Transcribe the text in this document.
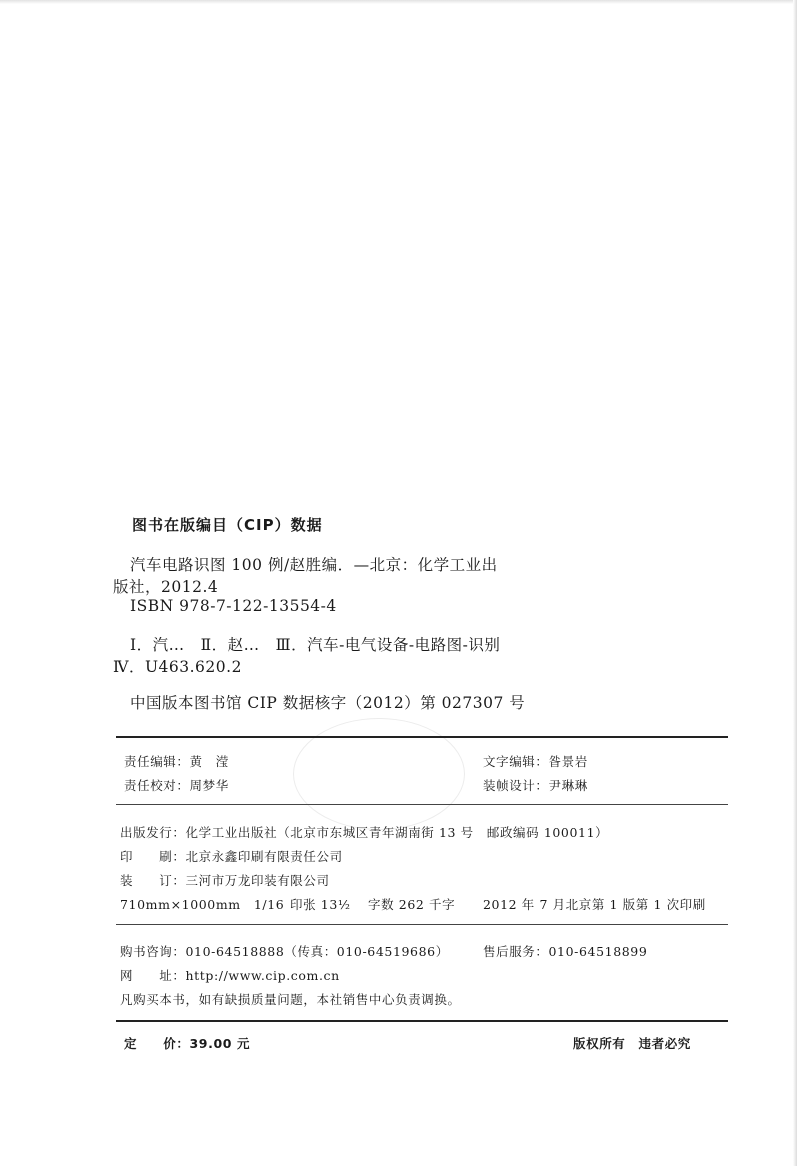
图书在版编目（CIP）数据
汽车电路识图 100 例/赵胜编．—北京：化学工业出
版社，2012.4
ISBN 978-7-122-13554-4
Ⅰ．汽…　Ⅱ．赵…　Ⅲ．汽车-电气设备-电路图-识别
Ⅳ．U463.620.2
中国版本图书馆 CIP 数据核字（2012）第 027307 号
责任编辑：黄　滢	文字编辑：昝景岩
责任校对：周梦华	装帧设计：尹琳琳
出版发行：化学工业出版社（北京市东城区青年湖南街 13 号　邮政编码 100011）
印　　刷：北京永鑫印刷有限责任公司
装　　订：三河市万龙印装有限公司
710mm×1000mm　1/16 印张 13½ 字数 262 千字 2012 年 7 月北京第 1 版第 1 次印刷
购书咨询：010-64518888（传真：010-64519686）	售后服务：010-64518899
网　　址：http://www.cip.com.cn
凡购买本书，如有缺损质量问题，本社销售中心负责调换。
定　　价：39.00 元	版权所有　违者必究
